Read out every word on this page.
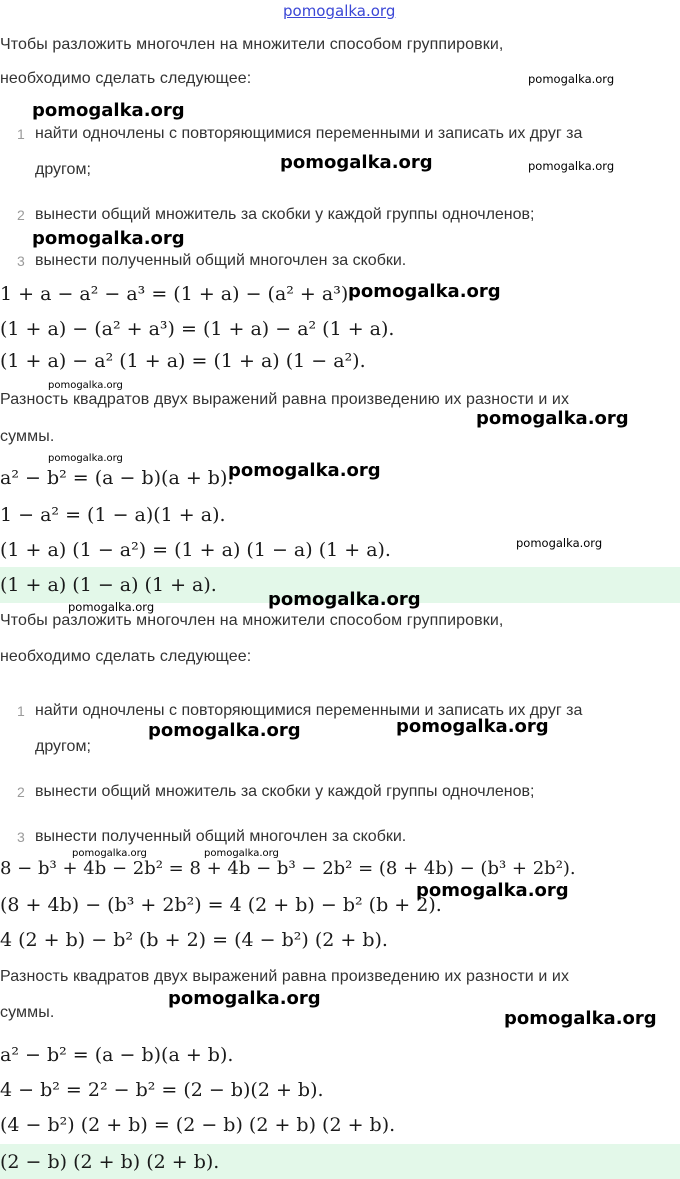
pomogalka.org
Чтобы разложить многочлен на множители способом группировки,
необходимо сделать следующее:
1 найти одночлены с повторяющимися переменными и записать их друг за
другом;
2 вынести общий множитель за скобки у каждой группы одночленов;
3 вынести полученный общий многочлен за скобки.
1 + a − a² − a³ = (1 + a) − (a² + a³).
(1 + a) − (a² + a³) = (1 + a) − a² (1 + a).
(1 + a) − a² (1 + a) = (1 + a) (1 − a²).
Разность квадратов двух выражений равна произведению их разности и их
суммы.
a² − b² = (a − b)(a + b).
1 − a² = (1 − a)(1 + a).
(1 + a) (1 − a²) = (1 + a) (1 − a) (1 + a).
(1 + a) (1 − a) (1 + a).
Чтобы разложить многочлен на множители способом группировки,
необходимо сделать следующее:
1 найти одночлены с повторяющимися переменными и записать их друг за
другом;
2 вынести общий множитель за скобки у каждой группы одночленов;
3 вынести полученный общий многочлен за скобки.
8 − b³ + 4b − 2b² = 8 + 4b − b³ − 2b² = (8 + 4b) − (b³ + 2b²).
(8 + 4b) − (b³ + 2b²) = 4 (2 + b) − b² (b + 2).
4 (2 + b) − b² (b + 2) = (4 − b²) (2 + b).
Разность квадратов двух выражений равна произведению их разности и их
суммы.
a² − b² = (a − b)(a + b).
4 − b² = 2² − b² = (2 − b)(2 + b).
(4 − b²) (2 + b) = (2 − b) (2 + b) (2 + b).
(2 − b) (2 + b) (2 + b).
pomogalka.org
pomogalka.org
pomogalka.org	pomogalka.org
pomogalka.org
pomogalka.org
pomogalka.org
pomogalka.org
pomogalka.org
pomogalka.org
pomogalka.org
pomogalka.org
pomogalka.org
pomogalka.org
pomogalka.org
pomogalka.org	pomogalka.org
pomogalka.org
pomogalka.org
pomogalka.org
